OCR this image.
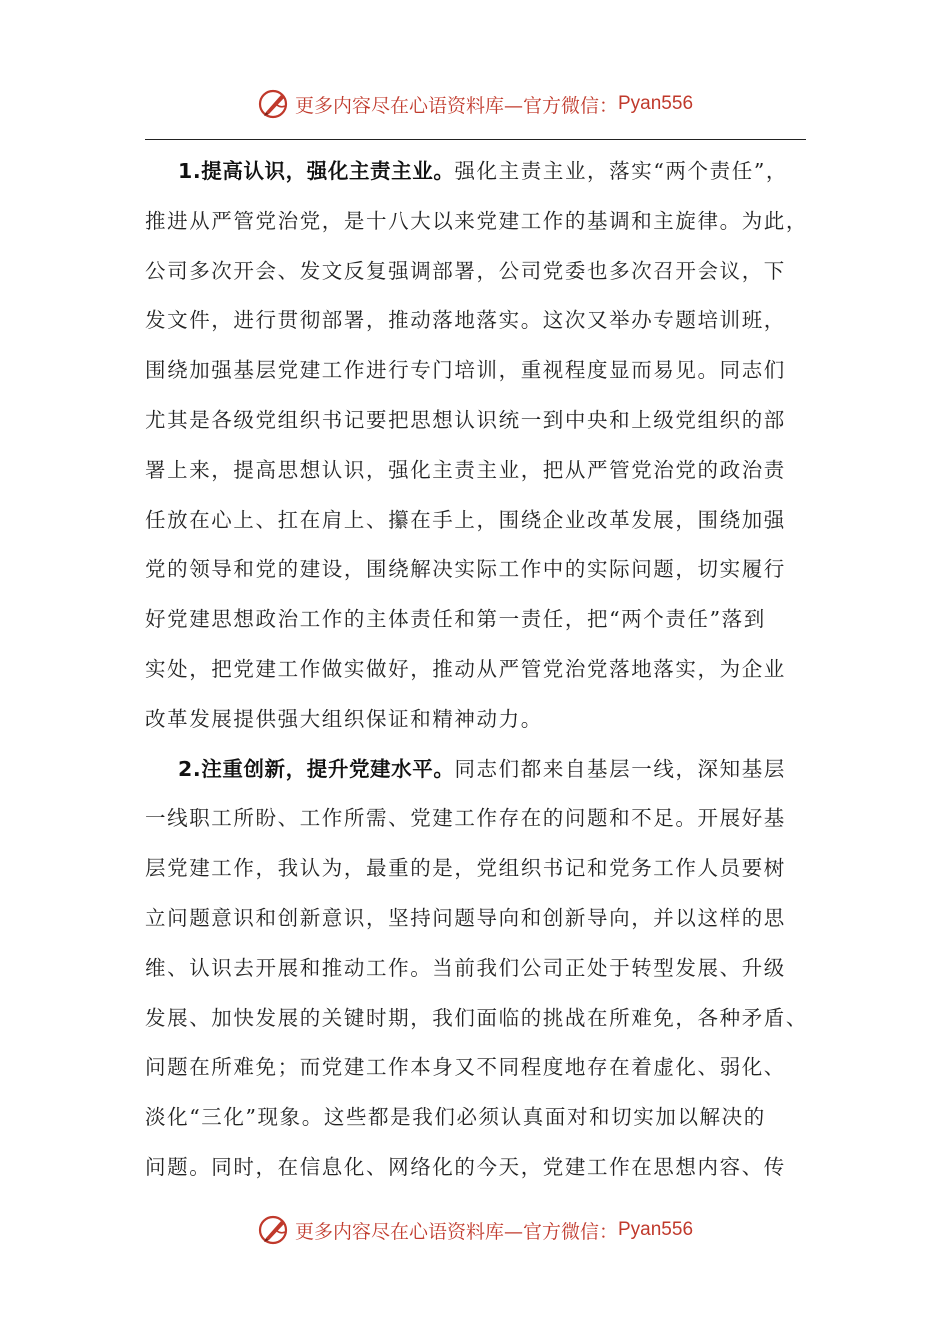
更多内容尽在心语资料库—官方微信： Pyan556

1.提高认识，强化主责主业。强化主责主业，落实“两个责任”，
推进从严管党治党，是十八大以来党建工作的基调和主旋律。为此，
公司多次开会、发文反复强调部署，公司党委也多次召开会议，下
发文件，进行贯彻部署，推动落地落实。这次又举办专题培训班，
围绕加强基层党建工作进行专门培训，重视程度显而易见。同志们
尤其是各级党组织书记要把思想认识统一到中央和上级党组织的部
署上来，提高思想认识，强化主责主业，把从严管党治党的政治责
任放在心上、扛在肩上、攥在手上，围绕企业改革发展，围绕加强
党的领导和党的建设，围绕解决实际工作中的实际问题，切实履行
好党建思想政治工作的主体责任和第一责任，把“两个责任”落到
实处，把党建工作做实做好，推动从严管党治党落地落实，为企业
改革发展提供强大组织保证和精神动力。

2.注重创新，提升党建水平。同志们都来自基层一线，深知基层
一线职工所盼、工作所需、党建工作存在的问题和不足。开展好基
层党建工作，我认为，最重的是，党组织书记和党务工作人员要树
立问题意识和创新意识，坚持问题导向和创新导向，并以这样的思
维、认识去开展和推动工作。当前我们公司正处于转型发展、升级
发展、加快发展的关键时期，我们面临的挑战在所难免，各种矛盾、
问题在所难免；而党建工作本身又不同程度地存在着虚化、弱化、
淡化“三化”现象。这些都是我们必须认真面对和切实加以解决的
问题。同时，在信息化、网络化的今天，党建工作在思想内容、传

更多内容尽在心语资料库—官方微信： Pyan556
